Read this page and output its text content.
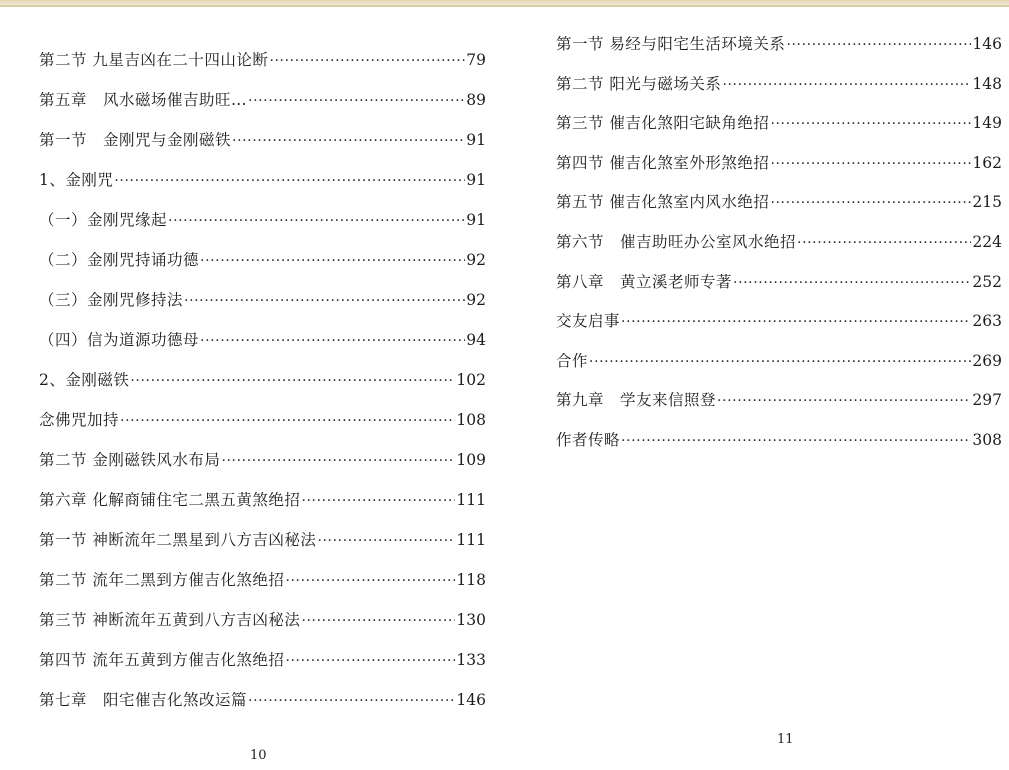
第二节 九星吉凶在二十四山论断 ·····	79
第五章　风水磁场催吉助旺… ·····	89
第一节　金刚咒与金刚磁铁 ·····	91
1、金刚咒 ·····	91
（一）金刚咒缘起 ·····	91
（二）金刚咒持诵功德 ·····	92
（三）金刚咒修持法 ·····	92
（四）信为道源功德母 ·····	94
2、金刚磁铁 ·····	102
念佛咒加持 ·····	108
第二节 金刚磁铁风水布局 ·····	109
第六章 化解商铺住宅二黑五黄煞绝招 ·····	111
第一节 神断流年二黑星到八方吉凶秘法 ·····	111
第二节 流年二黑到方催吉化煞绝招 ·····	118
第三节 神断流年五黄到八方吉凶秘法 ·····	130
第四节 流年五黄到方催吉化煞绝招 ·····	133
第七章　阳宅催吉化煞改运篇 ·····	146
10
第一节 易经与阳宅生活环境关系 ·····	146
第二节 阳光与磁场关系 ·····	148
第三节 催吉化煞阳宅缺角绝招 ·····	149
第四节 催吉化煞室外形煞绝招 ·····	162
第五节 催吉化煞室内风水绝招 ·····	215
第六节　催吉助旺办公室风水绝招 ·····	224
第八章　黄立溪老师专著 ·····	252
交友启事 ·····	263
合作 ·····	269
第九章　学友来信照登 ·····	297
作者传略 ·····	308
11
